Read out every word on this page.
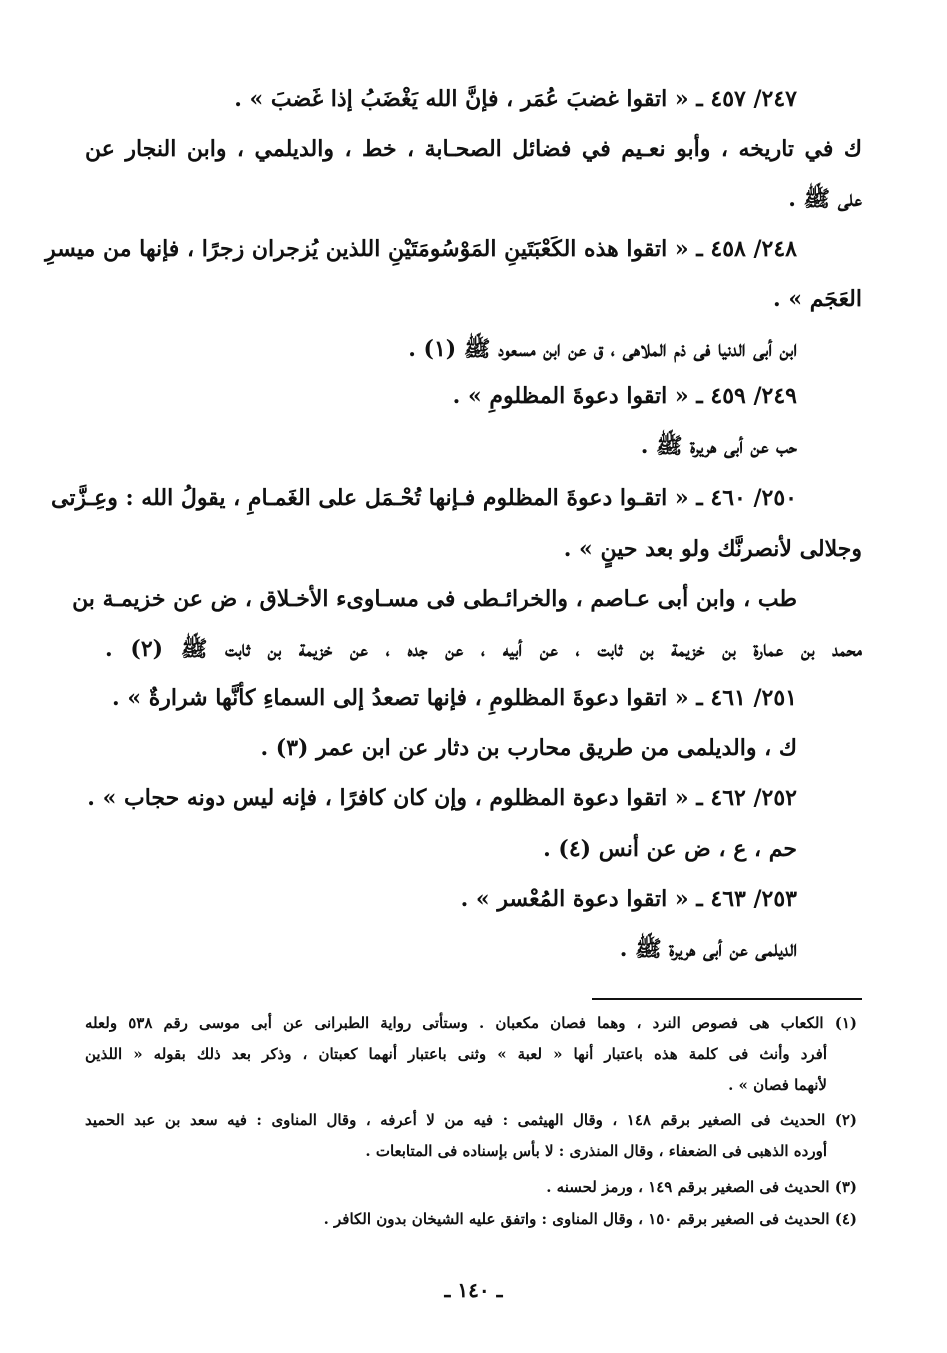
٢٤٧/ ٤٥٧ ـ « اتقوا غضبَ عُمَر ، فإنَّ الله يَغْضَبُ إذا غَضبَ » .
ك في تاريخه ، وأبو نعـيم في فضائل الصحـابة ، خط ، والديلمي ، وابن النجار عن
على ﷺ .
٢٤٨/ ٤٥٨ ـ « اتقوا هذه الكَعْبَتَينِ المَوْسُومَتَيْنِ اللذين يُزجران زجرًا ، فإنها من ميسرِ
العَجَم » .
ابن أبى الدنيا فى ذم الملاهى ، ق عن ابن مسعود ﷺ (١) .
٢٤٩/ ٤٥٩ ـ « اتقوا دعوةَ المظلومِ » .
حب عن أبى هريرة ﷺ .
٢٥٠/ ٤٦٠ ـ « اتقـوا دعوةَ المظلوم فـإنها تُحْـمَل على الغَمـامِ ، يقولُ الله : وعِـزَّتى
وجلالى لأنصرنَّك ولو بعد حينٍ » .
طب ، وابن أبى عـاصم ، والخرائـطى فى مسـاوىء الأخـلاق ، ض عن خزيمـة بن
محمد بن عمارة بن خزيمة بن ثابت ، عن أبيه ، عن جده ، عن خزيمة بن ثابت ﷺ (٢) .
٢٥١/ ٤٦١ ـ « اتقوا دعوةَ المظلومِ ، فإنها تصعدُ إلى السماءِ كأنَّها شرارةٌ » .
ك ، والديلمى من طريق محارب بن دثار عن ابن عمر (٣) .
٢٥٢/ ٤٦٢ ـ « اتقوا دعوة المظلوم ، وإن كان كافرًا ، فإنه ليس دونه حجاب » .
حم ، ع ، ض عن أنس (٤) .
٢٥٣/ ٤٦٣ ـ « اتقوا دعوة المُعْسر » .
الديلمى عن أبى هريرة ﷺ .
(١) الكعاب هى فصوص النرد ، وهما فصان مكعبان . وستأتى رواية الطبرانى عن أبى موسى رقم ٥٣٨ ولعله
أفرد وأنث فى كلمة هذه باعتبار أنها « لعبة » وثنى باعتبار أنهما كعبتان ، وذكر بعد ذلك بقوله « اللذين
لأنهما فصان » .
(٢) الحديث فى الصغير برقم ١٤٨ ، وقال الهيثمى : فيه من لا أعرفه ، وقال المناوى : فيه سعد بن عبد الحميد
أورده الذهبى فى الضعفاء ، وقال المنذرى : لا بأس بإسناده فى المتابعات .
(٣) الحديث فى الصغير برقم ١٤٩ ، ورمز لحسنه .
(٤) الحديث فى الصغير برقم ١٥٠ ، وقال المناوى : واتفق عليه الشيخان بدون الكافر .
ـ ١٤٠ ـ
